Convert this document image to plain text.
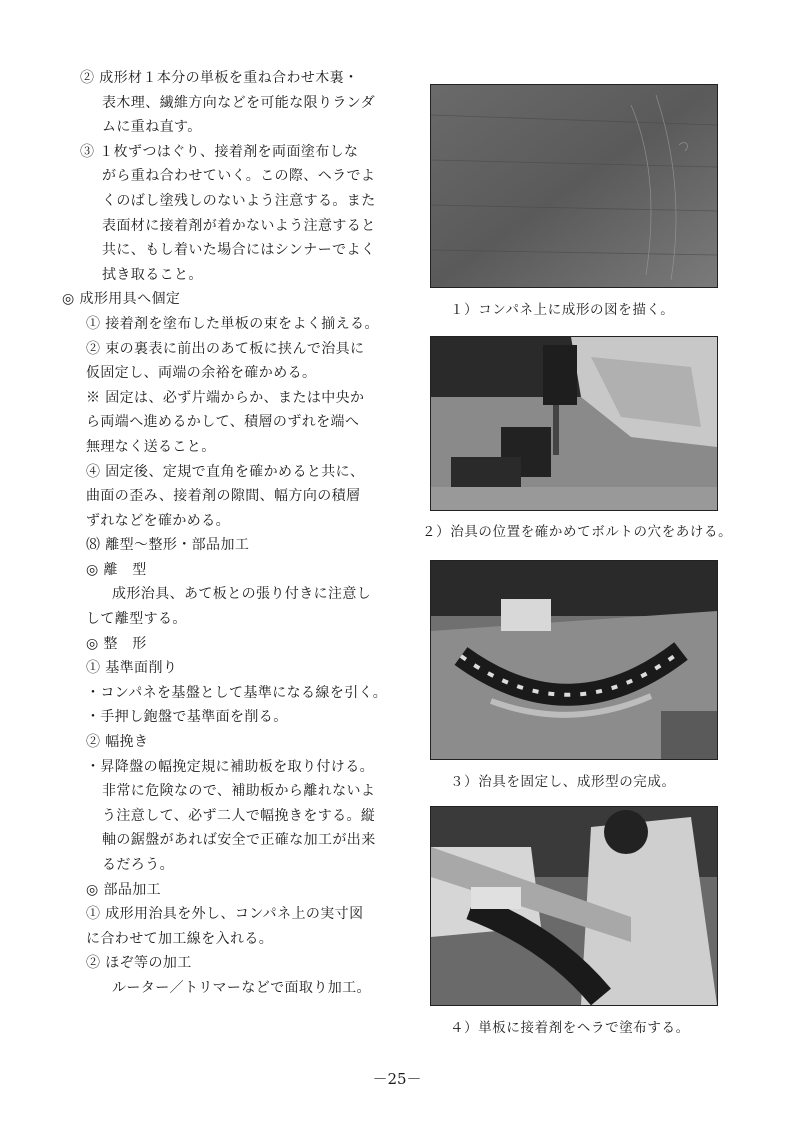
② 成形材１本分の単板を重ね合わせ木裏・
表木理、繊維方向などを可能な限りランダ
ムに重ね直す。
③ １枚ずつはぐり、接着剤を両面塗布しな
がら重ね合わせていく。この際、ヘラでよ
くのばし塗残しのないよう注意する。また
表面材に接着剤が着かないよう注意すると
共に、もし着いた場合にはシンナーでよく
拭き取ること。
◎ 成形用具へ個定
① 接着剤を塗布した単板の束をよく揃える。
② 束の裏表に前出のあて板に挟んで治具に
仮固定し、両端の余裕を確かめる。
※ 固定は、必ず片端からか、または中央か
ら両端へ進めるかして、積層のずれを端へ
無理なく送ること。
④ 固定後、定規で直角を確かめると共に、
曲面の歪み、接着剤の隙間、幅方向の積層
ずれなどを確かめる。
⑻ 離型～整形・部品加工
◎ 離　型
成形治具、あて板との張り付きに注意し
して離型する。
◎ 整　形
① 基準面削り
・コンパネを基盤として基準になる線を引く。
・手押し鉋盤で基準面を削る。
② 幅挽き
・昇降盤の幅挽定規に補助板を取り付ける。
非常に危険なので、補助板から離れないよ
う注意して、必ず二人で幅挽きをする。縦
軸の鋸盤があれば安全で正確な加工が出来
るだろう。
◎ 部品加工
① 成形用治具を外し、コンパネ上の実寸図
に合わせて加工線を入れる。
② ほぞ等の加工
ルーター／トリマーなどで面取り加工。
１）コンパネ上に成形の図を描く。
２）治具の位置を確かめてボルトの穴をあける。
３）治具を固定し、成形型の完成。
４）単板に接着剤をヘラで塗布する。
－25－
